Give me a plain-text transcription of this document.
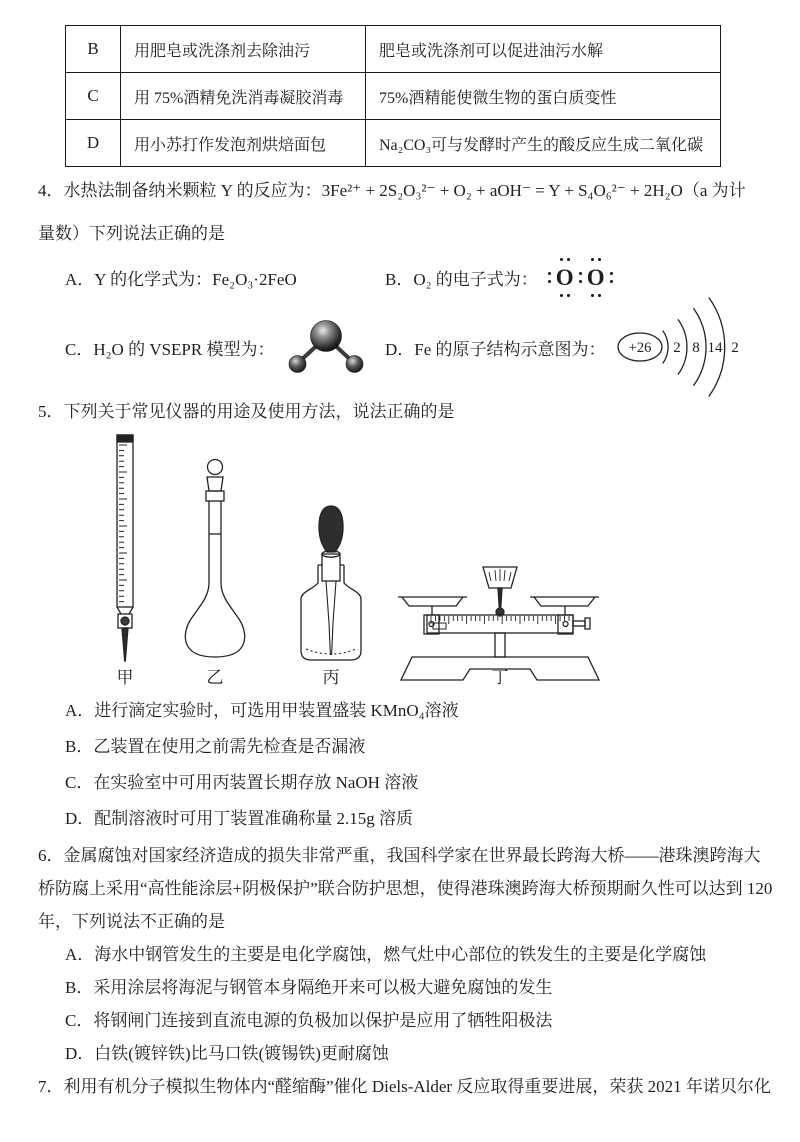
B	用肥皂或洗涤剂去除油污	肥皂或洗涤剂可以促进油污水解
C	用 75%酒精免洗消毒凝胶消毒	75%酒精能使微生物的蛋白质变性
D	用小苏打作发泡剂烘焙面包	Na₂CO₃可与发酵时产生的酸反应生成二氧化碳
4．水热法制备纳米颗粒 Y 的反应为：3Fe²⁺ + 2S₂O₃²⁻ + O₂ + aOH⁻ = Y + S₄O₆²⁻ + 2H₂O（a 为计
量数）下列说法正确的是
A．Y 的化学式为：Fe₂O₃·2FeO	B．O₂ 的电子式为： O O
C．H₂O 的 VSEPR 模型为：	D．Fe 的原子结构示意图为： +26 2 8 14 2
5．下列关于常见仪器的用途及使用方法，说法正确的是
甲	乙	丙	丁
A．进行滴定实验时，可选用甲装置盛装 KMnO₄溶液
B．乙装置在使用之前需先检查是否漏液
C．在实验室中可用丙装置长期存放 NaOH 溶液
D．配制溶液时可用丁装置准确称量 2.15g 溶质
6．金属腐蚀对国家经济造成的损失非常严重，我国科学家在世界最长跨海大桥——港珠澳跨海大
桥防腐上采用“高性能涂层+阴极保护”联合防护思想，使得港珠澳跨海大桥预期耐久性可以达到 120
年，下列说法不正确的是
A．海水中钢管发生的主要是电化学腐蚀，燃气灶中心部位的铁发生的主要是化学腐蚀
B．采用涂层将海泥与钢管本身隔绝开来可以极大避免腐蚀的发生
C．将钢闸门连接到直流电源的负极加以保护是应用了牺牲阳极法
D．白铁(镀锌铁)比马口铁(镀锡铁)更耐腐蚀
7．利用有机分子模拟生物体内“醛缩酶”催化 Diels-Alder 反应取得重要进展，荣获 2021 年诺贝尔化
